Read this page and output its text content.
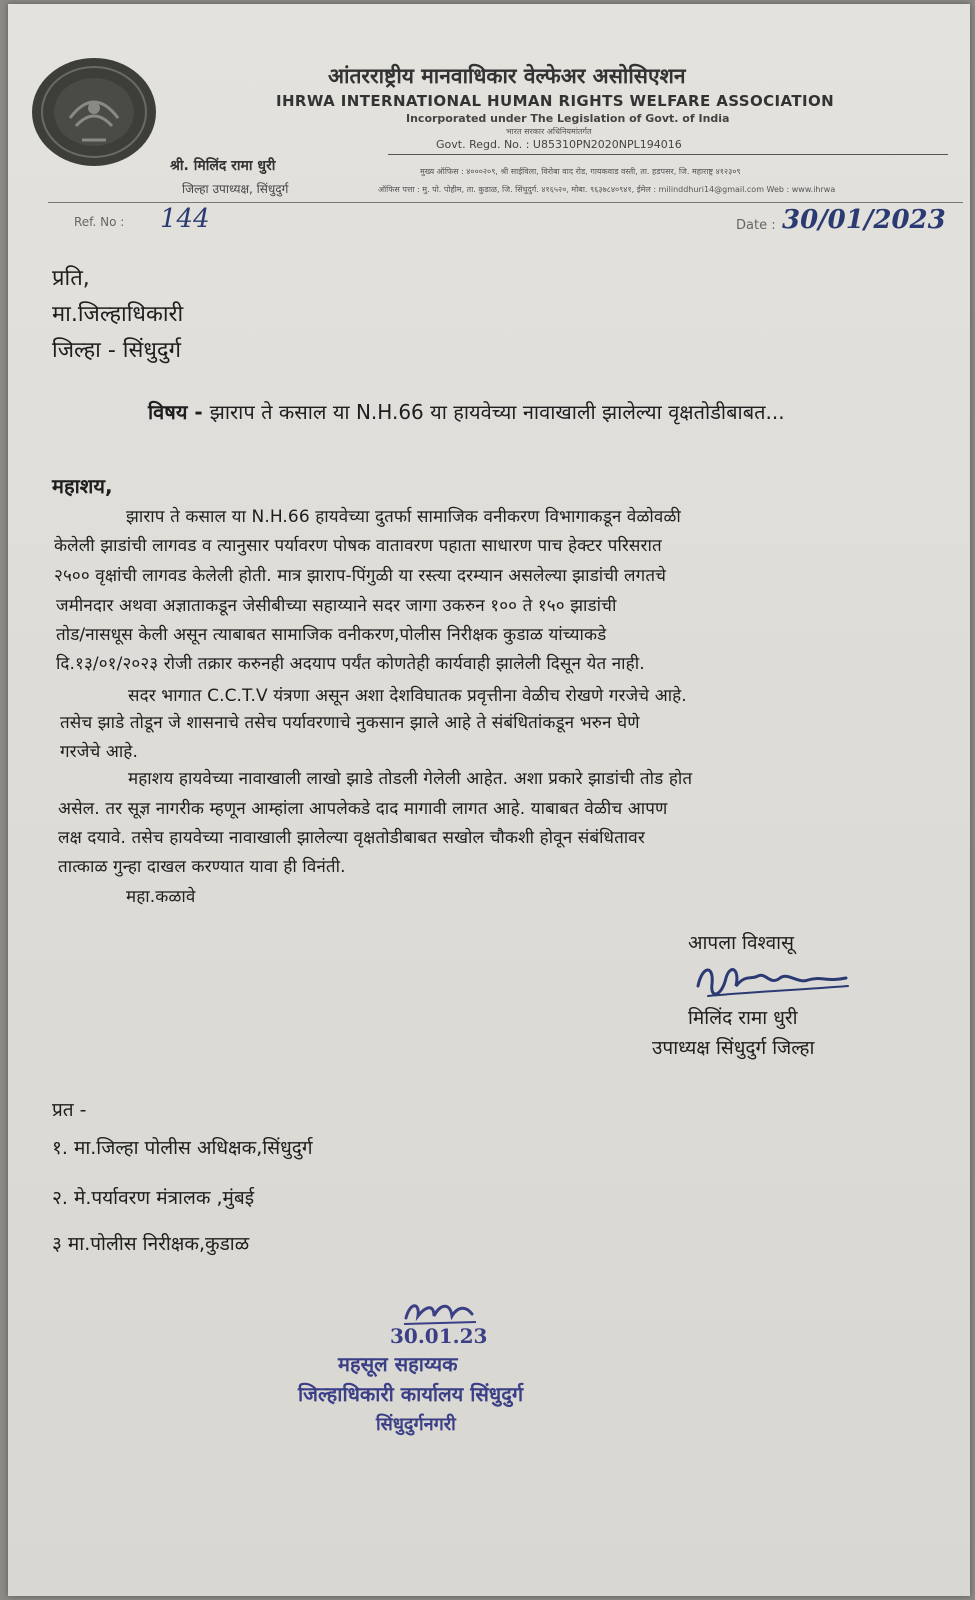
आंतरराष्ट्रीय मानवाधिकार वेल्फेअर असोसिएशन
IHRWA INTERNATIONAL HUMAN RIGHTS WELFARE ASSOCIATION
Incorporated under The Legislation of Govt. of India
भारत सरकार अधिनियमांतर्गत
Govt. Regd. No. : U85310PN2020NPL194016
श्री. मिलिंद रामा धुरी
जिल्हा उपाध्यक्ष, सिंधुदुर्ग
मुख्य ऑफिस : ४०००२०९, श्री साईविला, विरोबा वाद रोड, गायकवाड वस्ती, ता. हडपसर, जि. महाराष्ट्र ४१२३०९
ऑफिस पत्ता : मु. पो. पोहीम, ता. कुडाळ, जि. सिंधुदुर्ग. ४१६५२०, मोबा. ९६३७८४०९४१, ईमेल : milinddhuri14@gmail.com Web : www.ihrwa
Ref. No : 144	Date : 30/01/2023
प्रति,
मा.जिल्हाधिकारी
जिल्हा - सिंधुदुर्ग
विषय - झाराप ते कसाल या N.H.66 या हायवेच्या नावाखाली झालेल्या वृक्षतोडीबाबत...
महाशय,
झाराप ते कसाल या N.H.66 हायवेच्या दुतर्फा सामाजिक वनीकरण विभागाकडून वेळोवळी
केलेली झाडांची लागवड व त्यानुसार पर्यावरण पोषक वातावरण पहाता साधारण पाच हेक्टर परिसरात
२५०० वृक्षांची लागवड केलेली होती. मात्र झाराप-पिंगुळी या रस्त्या दरम्यान असलेल्या झाडांची लगतचे
जमीनदार अथवा अज्ञाताकडून जेसीबीच्या सहाय्याने सदर जागा उकरुन १०० ते १५० झाडांची
तोड/नासधूस केली असून त्याबाबत सामाजिक वनीकरण,पोलीस निरीक्षक कुडाळ यांच्याकडे
दि.१३/०१/२०२३ रोजी तक्रार करुनही अदयाप पर्यंत कोणतेही कार्यवाही झालेली दिसून येत नाही.
सदर भागात C.C.T.V यंत्रणा असून अशा देशविघातक प्रवृत्तीना वेळीच रोखणे गरजेचे आहे.
तसेच झाडे तोडून जे शासनाचे तसेच पर्यावरणाचे नुकसान झाले आहे ते संबंधितांकडून भरुन घेणे
गरजेचे आहे.
महाशय हायवेच्या नावाखाली लाखो झाडे तोडली गेलेली आहेत. अशा प्रकारे झाडांची तोड होत
असेल. तर सूज्ञ नागरीक म्हणून आम्हांला आपलेकडे दाद मागावी लागत आहे. याबाबत वेळीच आपण
लक्ष दयावे. तसेच हायवेच्या नावाखाली झालेल्या वृक्षतोडीबाबत सखोल चौकशी होवून संबंधितावर
तात्काळ गुन्हा दाखल करण्यात यावा ही विनंती.
महा.कळावे
आपला विश्वासू
मिलिंद रामा धुरी
उपाध्यक्ष सिंधुदुर्ग जिल्हा
प्रत -
१. मा.जिल्हा पोलीस अधिक्षक,सिंधुदुर्ग
२. मे.पर्यावरण मंत्रालक ,मुंबई
३ मा.पोलीस निरीक्षक,कुडाळ
30.01.23
महसूल सहाय्यक
जिल्हाधिकारी कार्यालय सिंधुदुर्ग
सिंधुदुर्गनगरी
